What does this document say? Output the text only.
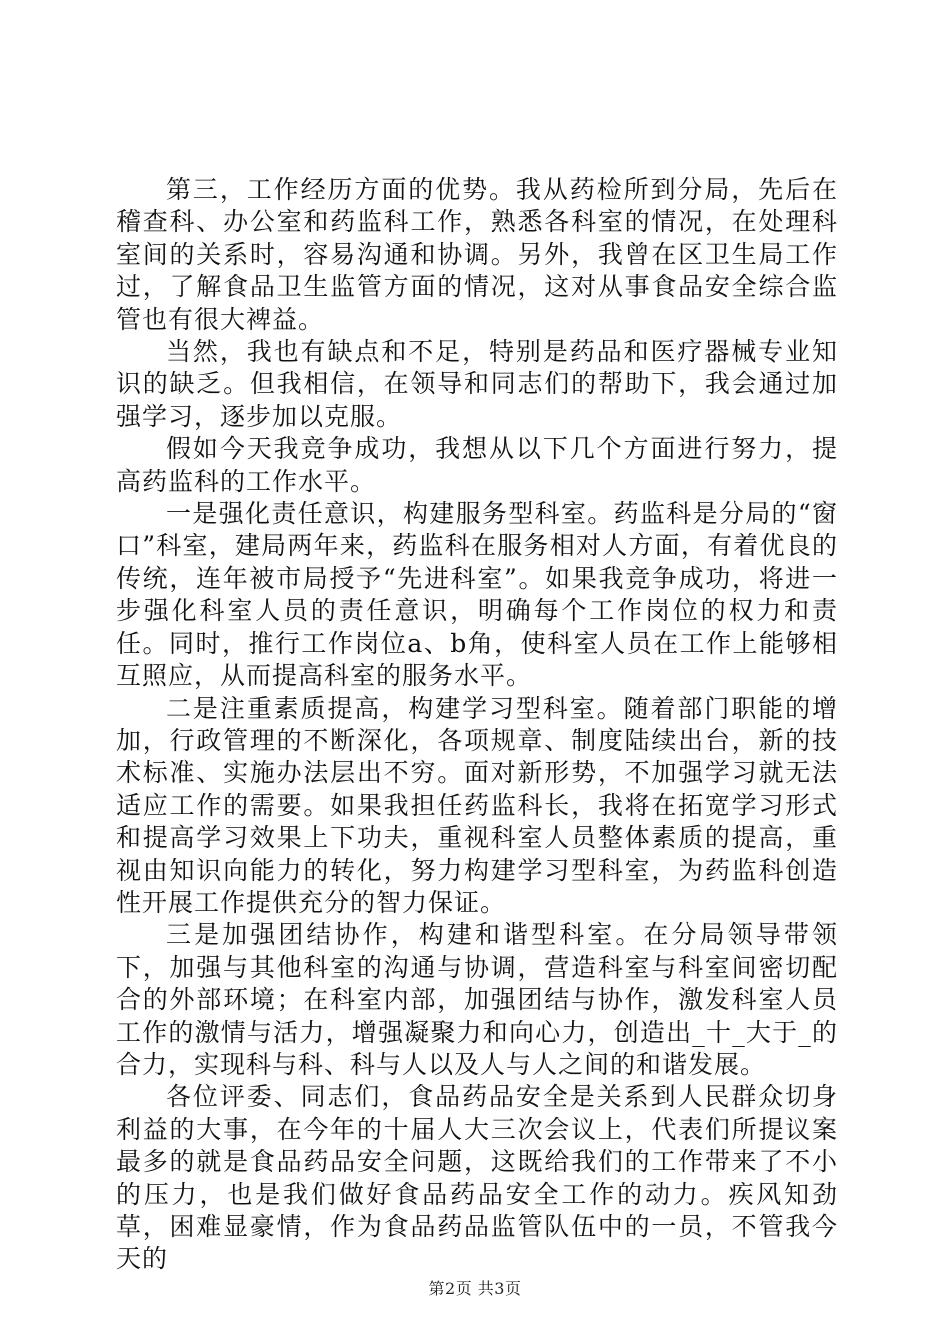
第三，工作经历方面的优势。我从药检所到分局，先后在稽查科、办公室和药监科工作，熟悉各科室的情况，在处理科室间的关系时，容易沟通和协调。另外，我曾在区卫生局工作过，了解食品卫生监管方面的情况，这对从事食品安全综合监管也有很大裨益。

当然，我也有缺点和不足，特别是药品和医疗器械专业知识的缺乏。但我相信，在领导和同志们的帮助下，我会通过加强学习，逐步加以克服。

假如今天我竞争成功，我想从以下几个方面进行努力，提高药监科的工作水平。

一是强化责任意识，构建服务型科室。药监科是分局的“窗口”科室，建局两年来，药监科在服务相对人方面，有着优良的传统，连年被市局授予“先进科室”。如果我竞争成功，将进一步强化科室人员的责任意识，明确每个工作岗位的权力和责任。同时，推行工作岗位a、b角，使科室人员在工作上能够相互照应，从而提高科室的服务水平。

二是注重素质提高，构建学习型科室。随着部门职能的增加，行政管理的不断深化，各项规章、制度陆续出台，新的技术标准、实施办法层出不穷。面对新形势，不加强学习就无法适应工作的需要。如果我担任药监科长，我将在拓宽学习形式和提高学习效果上下功夫，重视科室人员整体素质的提高，重视由知识向能力的转化，努力构建学习型科室，为药监科创造性开展工作提供充分的智力保证。

三是加强团结协作，构建和谐型科室。在分局领导带领下，加强与其他科室的沟通与协调，营造科室与科室间密切配合的外部环境；在科室内部，加强团结与协作，激发科室人员工作的激情与活力，增强凝聚力和向心力，创造出_十_大于_的合力，实现科与科、科与人以及人与人之间的和谐发展。

各位评委、同志们，食品药品安全是关系到人民群众切身利益的大事，在今年的十届人大三次会议上，代表们所提议案最多的就是食品药品安全问题，这既给我们的工作带来了不小的压力，也是我们做好食品药品安全工作的动力。疾风知劲草，困难显豪情，作为食品药品监管队伍中的一员，不管我今天的

第2页 共3页
